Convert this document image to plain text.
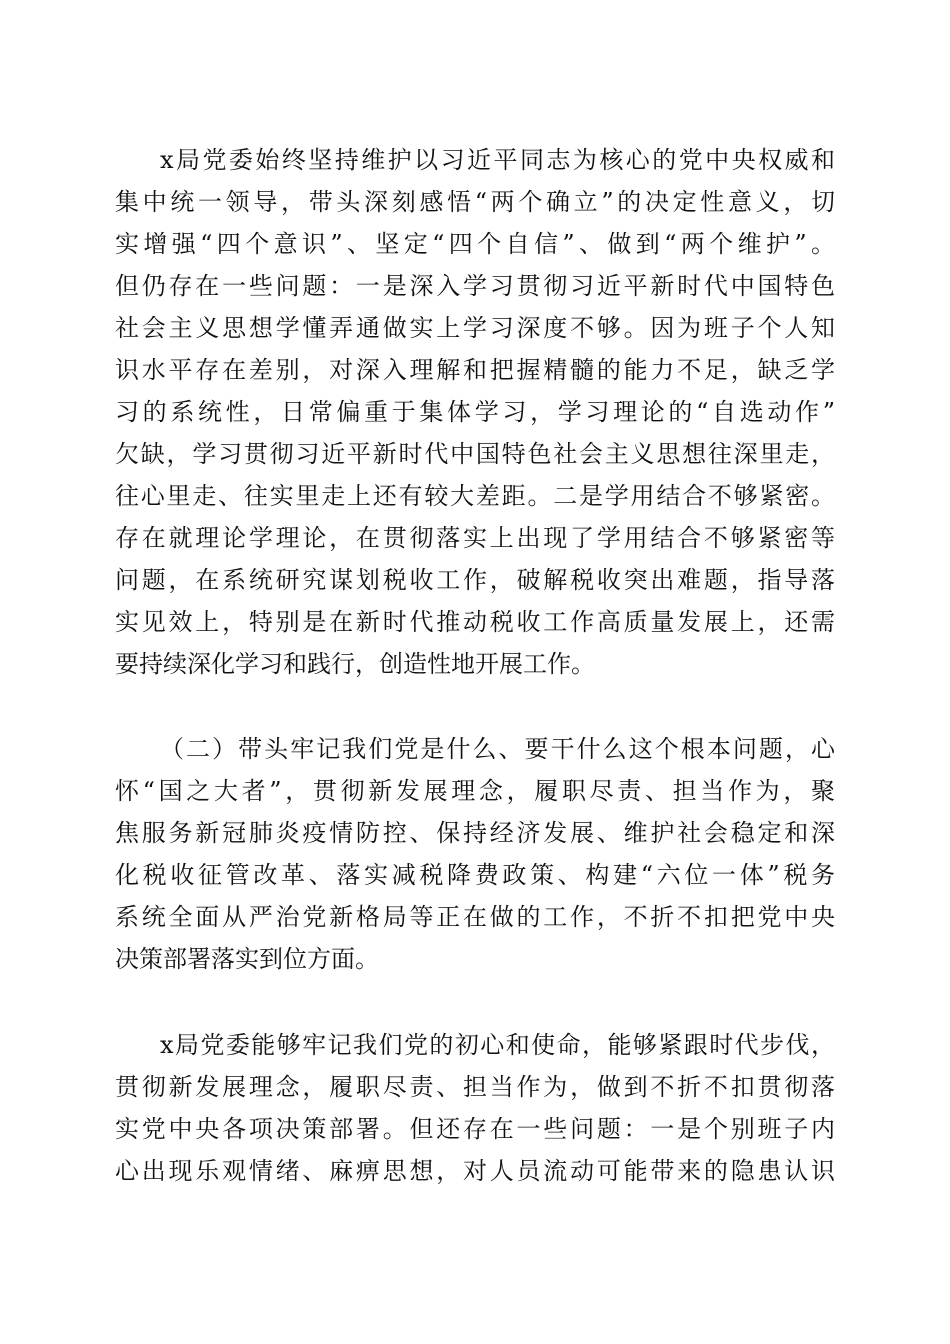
x局党委始终坚持维护以习近平同志为核心的党中央权威和
集中统一领导，带头深刻感悟“两个确立”的决定性意义，切
实增强“四个意识”、坚定“四个自信”、做到“两个维护”。
但仍存在一些问题：一是深入学习贯彻习近平新时代中国特色
社会主义思想学懂弄通做实上学习深度不够。因为班子个人知
识水平存在差别，对深入理解和把握精髓的能力不足，缺乏学
习的系统性，日常偏重于集体学习，学习理论的“自选动作”
欠缺，学习贯彻习近平新时代中国特色社会主义思想往深里走，
往心里走、往实里走上还有较大差距。二是学用结合不够紧密。
存在就理论学理论，在贯彻落实上出现了学用结合不够紧密等
问题，在系统研究谋划税收工作，破解税收突出难题，指导落
实见效上，特别是在新时代推动税收工作高质量发展上，还需
要持续深化学习和践行，创造性地开展工作。
（二）带头牢记我们党是什么、要干什么这个根本问题，心
怀“国之大者”，贯彻新发展理念，履职尽责、担当作为，聚
焦服务新冠肺炎疫情防控、保持经济发展、维护社会稳定和深
化税收征管改革、落实减税降费政策、构建“六位一体”税务
系统全面从严治党新格局等正在做的工作，不折不扣把党中央
决策部署落实到位方面。
x局党委能够牢记我们党的初心和使命，能够紧跟时代步伐，
贯彻新发展理念，履职尽责、担当作为，做到不折不扣贯彻落
实党中央各项决策部署。但还存在一些问题：一是个别班子内
心出现乐观情绪、麻痹思想，对人员流动可能带来的隐患认识
